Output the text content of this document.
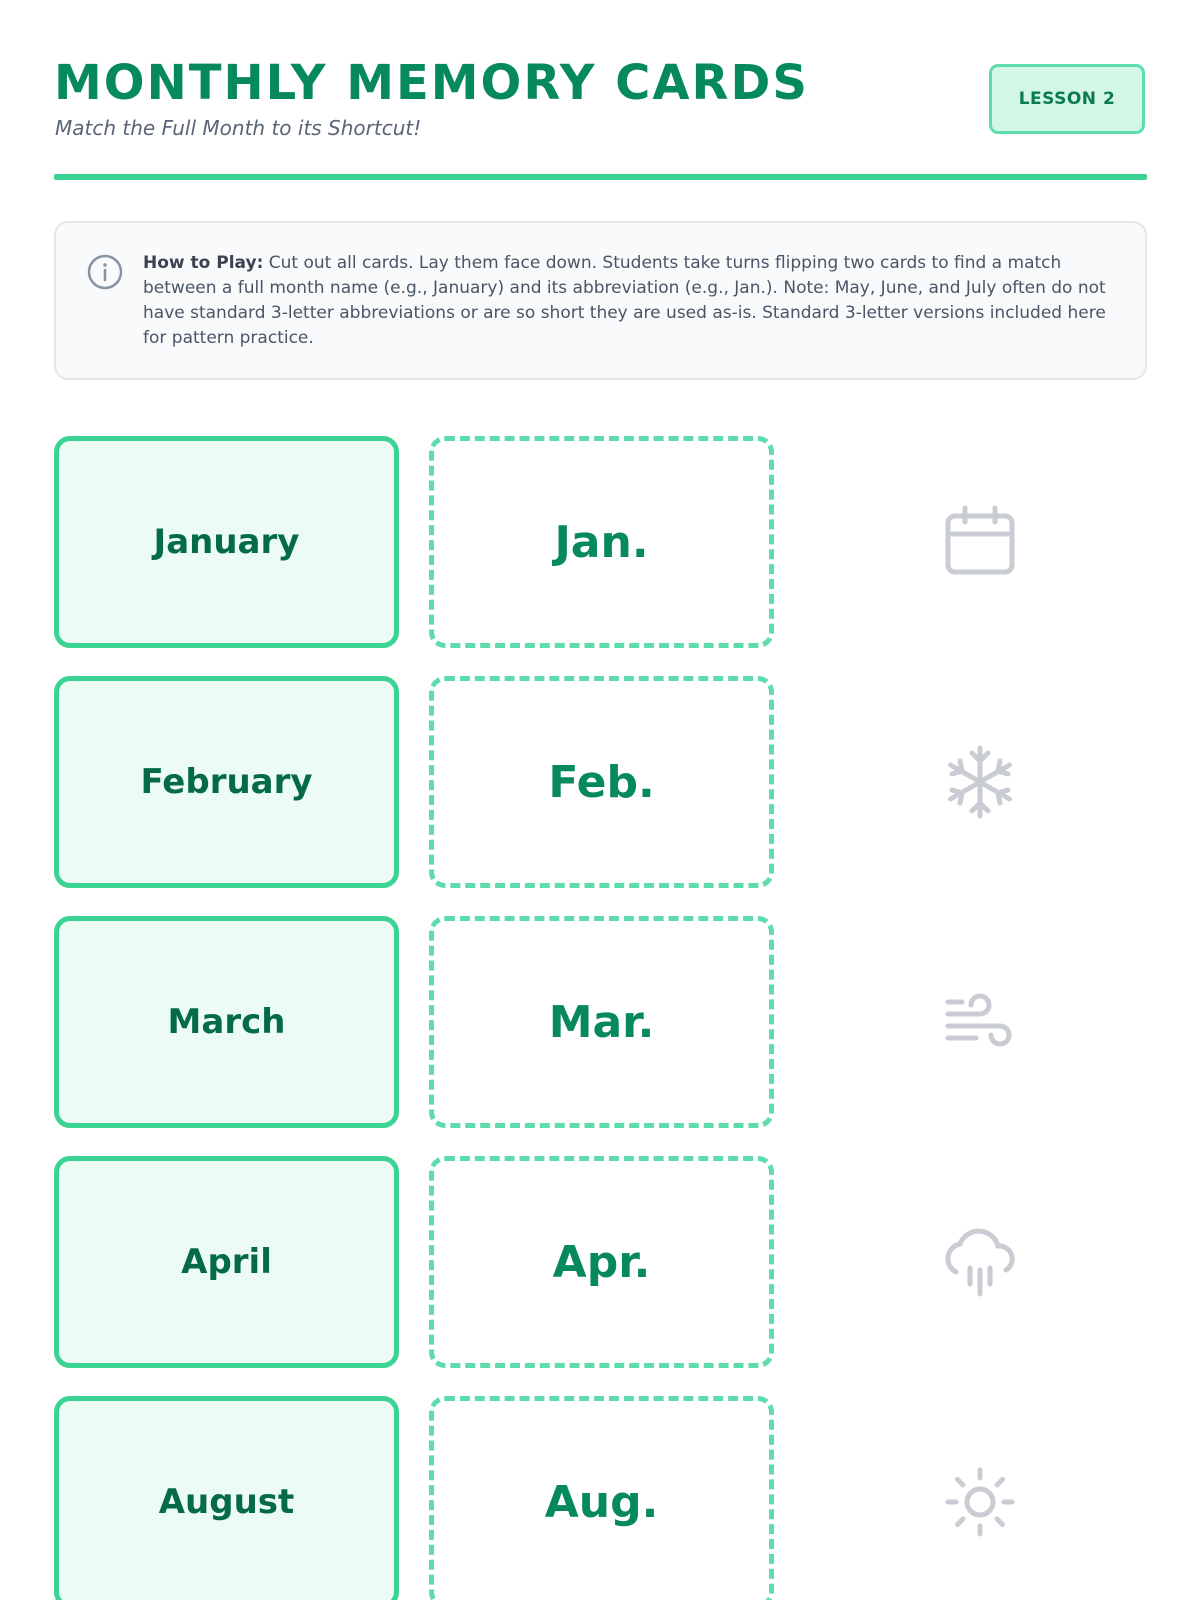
MONTHLY MEMORY CARDS
Match the Full Month to its Shortcut!
LESSON 2

How to Play: Cut out all cards. Lay them face down. Students take turns flipping two cards to find a match between a full month name (e.g., January) and its abbreviation (e.g., Jan.). Note: May, June, and July often do not have standard 3-letter abbreviations or are so short they are used as-is. Standard 3-letter versions included here for pattern practice.

January	Jan.
February	Feb.
March	Mar.
April	Apr.
August	Aug.
